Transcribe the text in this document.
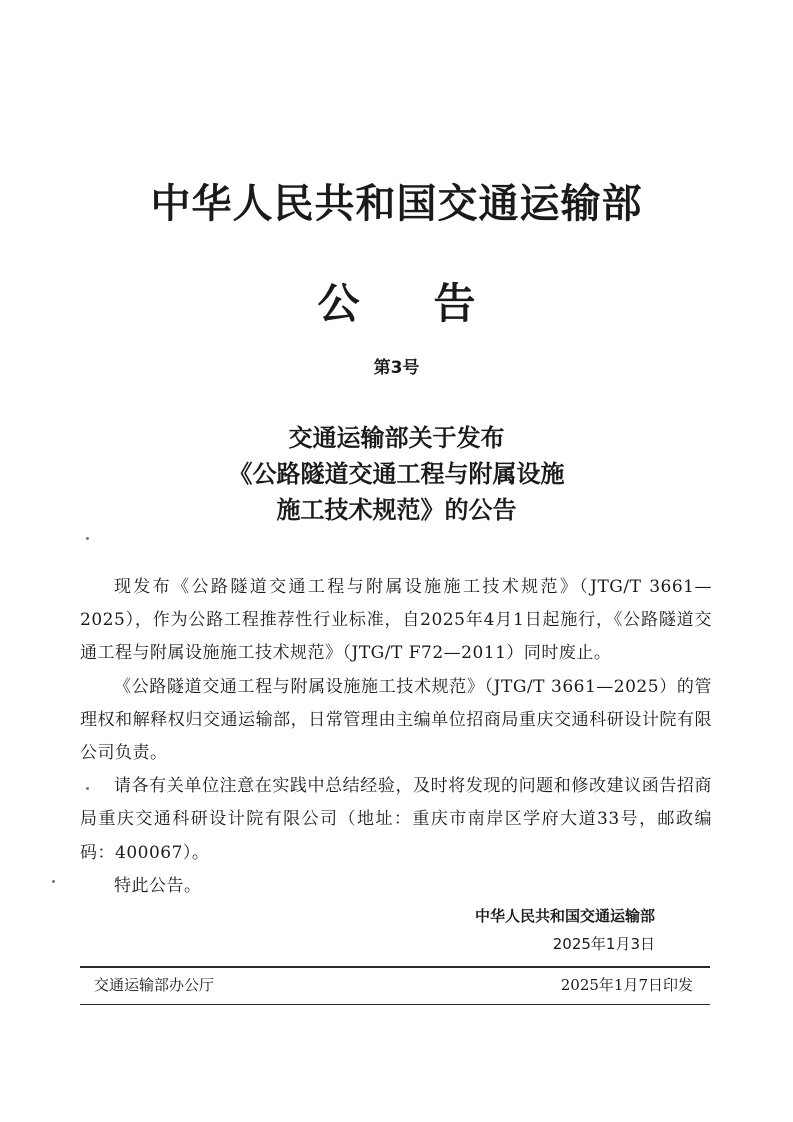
中华人民共和国交通运输部
公告
第3号
交通运输部关于发布
《公路隧道交通工程与附属设施
施工技术规范》的公告

现发布《公路隧道交通工程与附属设施施工技术规范》（JTG/T 3661—2025），作为公路工程推荐性行业标准，自2025年4月1日起施行，《公路隧道交通工程与附属设施施工技术规范》（JTG/T F72—2011）同时废止。

《公路隧道交通工程与附属设施施工技术规范》（JTG/T 3661—2025）的管理权和解释权归交通运输部，日常管理由主编单位招商局重庆交通科研设计院有限公司负责。

请各有关单位注意在实践中总结经验，及时将发现的问题和修改建议函告招商局重庆交通科研设计院有限公司（地址：重庆市南岸区学府大道33号，邮政编码：400067）。

特此公告。

中华人民共和国交通运输部
2025年1月3日
交通运输部办公厅	2025年1月7日印发
